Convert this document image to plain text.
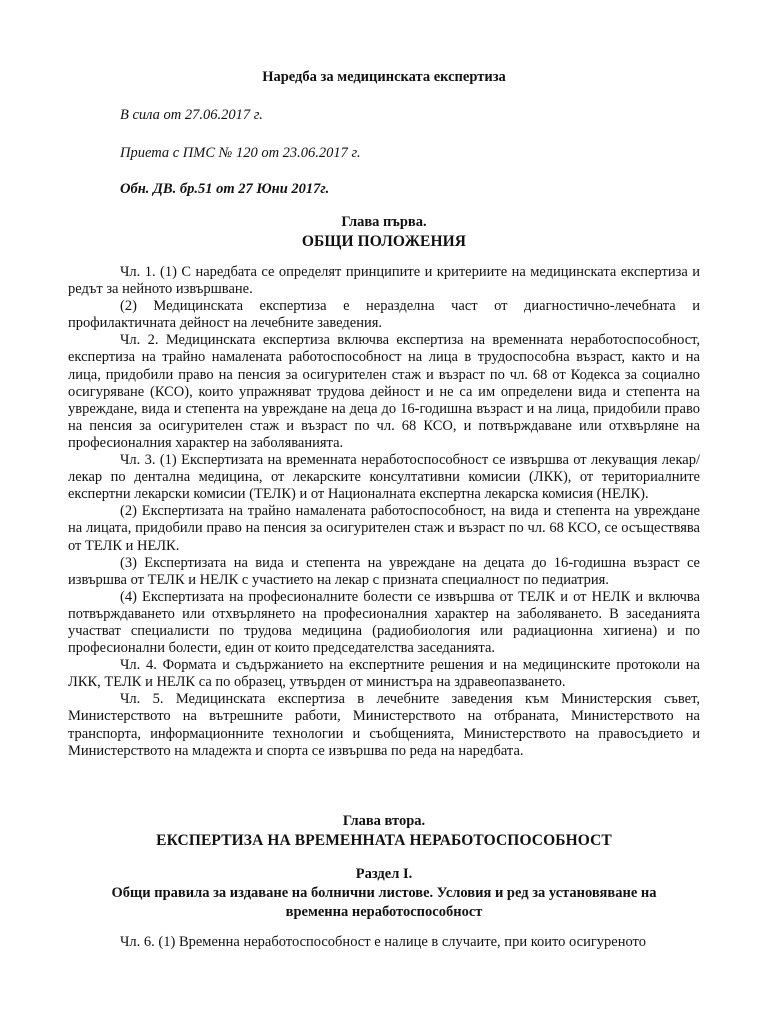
Наредба за медицинската експертиза
В сила от 27.06.2017 г.
Приета с ПМС № 120 от 23.06.2017 г.
Обн. ДВ. бр.51 от 27 Юни 2017г.
Глава първа.
ОБЩИ ПОЛОЖЕНИЯ

Чл. 1. (1) С наредбата се определят принципите и критериите на медицинската експертиза и редът за нейното извършване.

(2) Медицинската експертиза е неразделна част от диагностично-лечебната и профилактичната дейност на лечебните заведения.

Чл. 2. Медицинската експертиза включва експертиза на временната неработоспособност, експертиза на трайно намалената работоспособност на лица в трудоспособна възраст, както и на лица, придобили право на пенсия за осигурителен стаж и възраст по чл. 68 от Кодекса за социално осигуряване (КСО), които упражняват трудова дейност и не са им определени вида и степента на увреждане, вида и степента на увреждане на деца до 16-годишна възраст и на лица, придобили право на пенсия за осигурителен стаж и възраст по чл. 68 КСО, и потвърждаване или отхвърляне на професионалния характер на заболяванията.

Чл. 3. (1) Експертизата на временната неработоспособност се извършва от лекуващия лекар/лекар по дентална медицина, от лекарските консултативни комисии (ЛКК), от териториалните експертни лекарски комисии (ТЕЛК) и от Националната експертна лекарска комисия (НЕЛК).

(2) Експертизата на трайно намалената работоспособност, на вида и степента на увреждане на лицата, придобили право на пенсия за осигурителен стаж и възраст по чл. 68 КСО, се осъществява от ТЕЛК и НЕЛК.

(3) Експертизата на вида и степента на увреждане на децата до 16-годишна възраст се извършва от ТЕЛК и НЕЛК с участието на лекар с призната специалност по педиатрия.

(4) Експертизата на професионалните болести се извършва от ТЕЛК и от НЕЛК и включва потвърждаването или отхвърлянето на професионалния характер на заболяването. В заседанията участват специалисти по трудова медицина (радиобиология или радиационна хигиена) и по професионални болести, един от които председателства заседанията.

Чл. 4. Формата и съдържанието на експертните решения и на медицинските протоколи на ЛКК, ТЕЛК и НЕЛК са по образец, утвърден от министъра на здравеопазването.

Чл. 5. Медицинската експертиза в лечебните заведения към Министерския съвет, Министерството на вътрешните работи, Министерството на отбраната, Министерството на транспорта, информационните технологии и съобщенията, Министерството на правосъдието и Министерството на младежта и спорта се извършва по реда на наредбата.

Глава втора.
ЕКСПЕРТИЗА НА ВРЕМЕННАТА НЕРАБОТОСПОСОБНОСТ
Раздел I.
Общи правила за издаване на болнични листове. Условия и ред за установяване на
временна неработоспособност

Чл. 6. (1) Временна неработоспособност е налице в случаите, при които осигуреното
